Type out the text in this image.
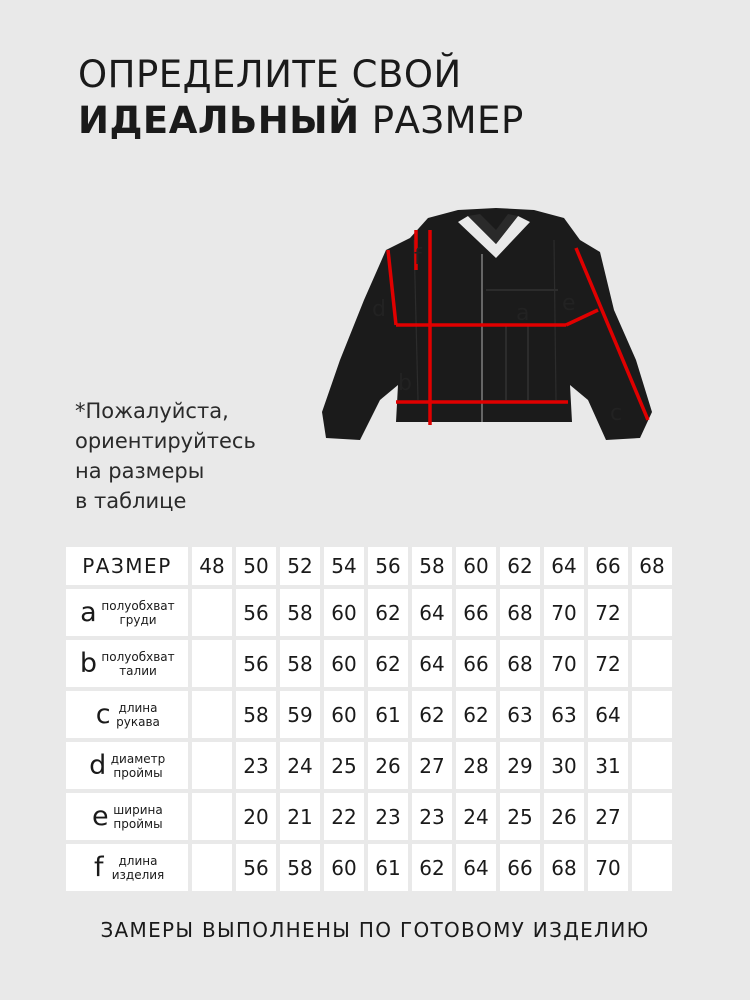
ОПРЕДЕЛИТЕ СВОЙ
ИДЕАЛЬНЫЙ РАЗМЕР
*Пожалуйста,
ориентируйтесь
на размеры
в таблице
f
d	a e
b
c
РАЗМЕР	48	50	52	54	56	58	60	62	64	66	68
a полуобхват
груди		56	58	60	62	64	66	68	70	72	
b полуобхват
талии		56	58	60	62	64	66	68	70	72	
c длина
рукава		58	59	60	61	62	62	63	63	64	
d диаметр
проймы		23	24	25	26	27	28	29	30	31	
e ширина
проймы		20	21	22	23	23	24	25	26	27	
f длина
изделия		56	58	60	61	62	64	66	68	70	
ЗАМЕРЫ ВЫПОЛНЕНЫ ПО ГОТОВОМУ ИЗДЕЛИЮ
